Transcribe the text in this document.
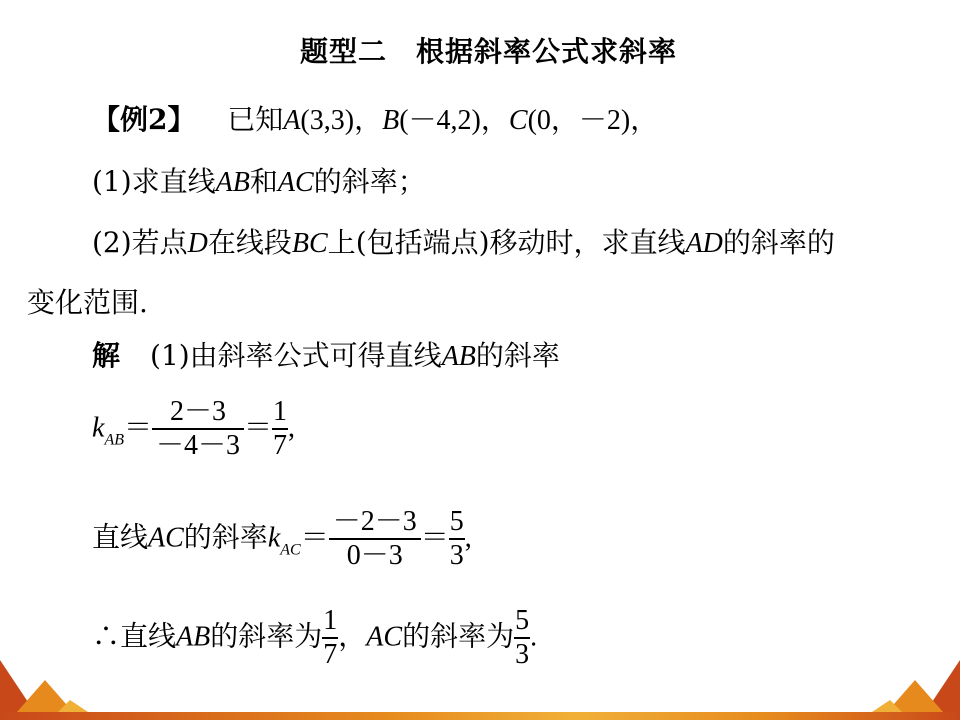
题型二　根据斜率公式求斜率
【例2】 已知A(3,3)，B(－4,2)，C(0，－2)，
(1)求直线AB和AC的斜率；
(2)若点D在线段BC上(包括端点)移动时，求直线AD的斜率的
变化范围.
解 (1)由斜率公式可得直线AB的斜率
$k_{AB}= \frac{2-3}{-4-3} = \frac{1}{7}$ ,
直线AC的斜率$k_{AC}= \frac{-2-3}{0-3} = \frac{5}{3}$ ,
∴直线AB的斜率为 $\frac{1}{7}$ ，AC的斜率为 $\frac{5}{3}$ .
